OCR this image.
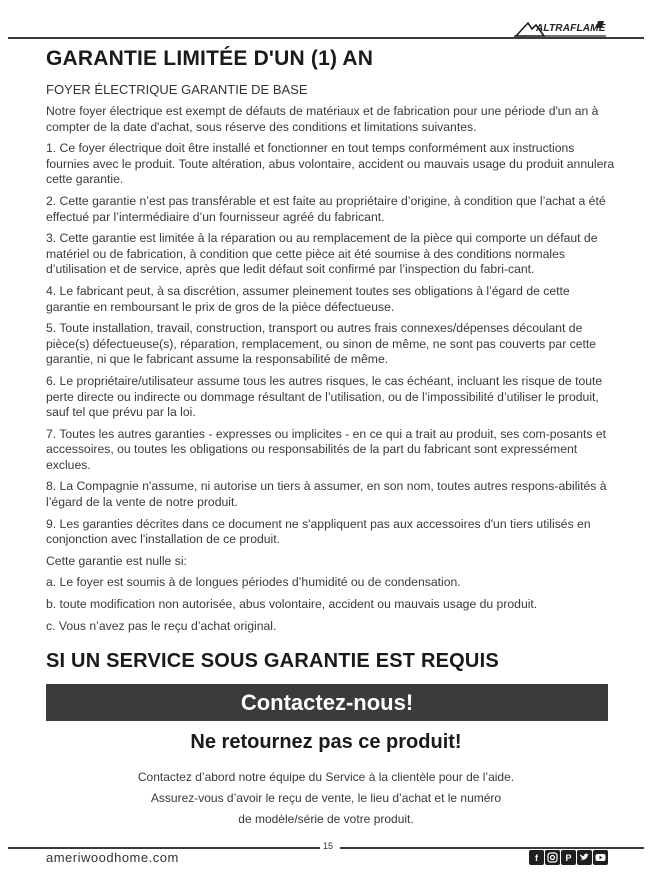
ALTRAFLAME
GARANTIE LIMITÉE D'UN (1) AN
FOYER ÉLECTRIQUE GARANTIE DE BASE

Notre foyer électrique est exempt de défauts de matériaux et de fabrication pour une période d'un an à compter de la date d'achat, sous réserve des conditions et limitations suivantes.

1. Ce foyer électrique doit être installé et fonctionner en tout temps conformément aux instructions fournies avec le produit. Toute altération, abus volontaire, accident ou mauvais usage du produit annulera cette garantie.

2. Cette garantie n’est pas transférable et est faite au propriétaire d’origine, à condition que l’achat a été effectué par l’intermédiaire d’un fournisseur agréé du fabricant.

3. Cette garantie est limitée à la réparation ou au remplacement de la pièce qui comporte un défaut de matériel ou de fabrication, à condition que cette pièce ait été soumise à des conditions normales d’utilisation et de service, après que ledit défaut soit confirmé par l’inspection du fabri-cant.

4. Le fabricant peut, à sa discrétion, assumer pleinement toutes ses obligations à l’égard de cette garantie en remboursant le prix de gros de la pièce défectueuse.

5. Toute installation, travail, construction, transport ou autres frais connexes/dépenses découlant de pièce(s) défectueuse(s), réparation, remplacement, ou sinon de même, ne sont pas couverts par cette garantie, ni que le fabricant assume la responsabilité de même.

6. Le propriétaire/utilisateur assume tous les autres risques, le cas échéant, incluant les risque de toute perte directe ou indirecte ou dommage résultant de l’utilisation, ou de l’impossibilité d’utiliser le produit, sauf tel que prévu par la loi.

7. Toutes les autres garanties - expresses ou implicites - en ce qui a trait au produit, ses com-posants et accessoires, ou toutes les obligations ou responsabilités de la part du fabricant sont expressément exclues.

8. La Compagnie n'assume, ni autorise un tiers à assumer, en son nom, toutes autres respons-abilités à l’égard de la vente de notre produit.

9. Les garanties décrites dans ce document ne s'appliquent pas aux accessoires d'un tiers utilisés en conjonction avec l'installation de ce produit.

Cette garantie est nulle si:

a. Le foyer est soumis à de longues périodes d’humidité ou de condensation.

b. toute modification non autorisée, abus volontaire, accident ou mauvais usage du produit.

c. Vous n’avez pas le reçu d’achat original.

SI UN SERVICE SOUS GARANTIE EST REQUIS
Contactez-nous!
Ne retournez pas ce produit!

Contactez d’abord notre équipe du Service à la clientèle pour de l’aide.

Assurez-vous d’avoir le reçu de vente, le lieu d’achat et le numéro

de modèle/série de votre produit.

15
ameriwoodhome.com	f	P
